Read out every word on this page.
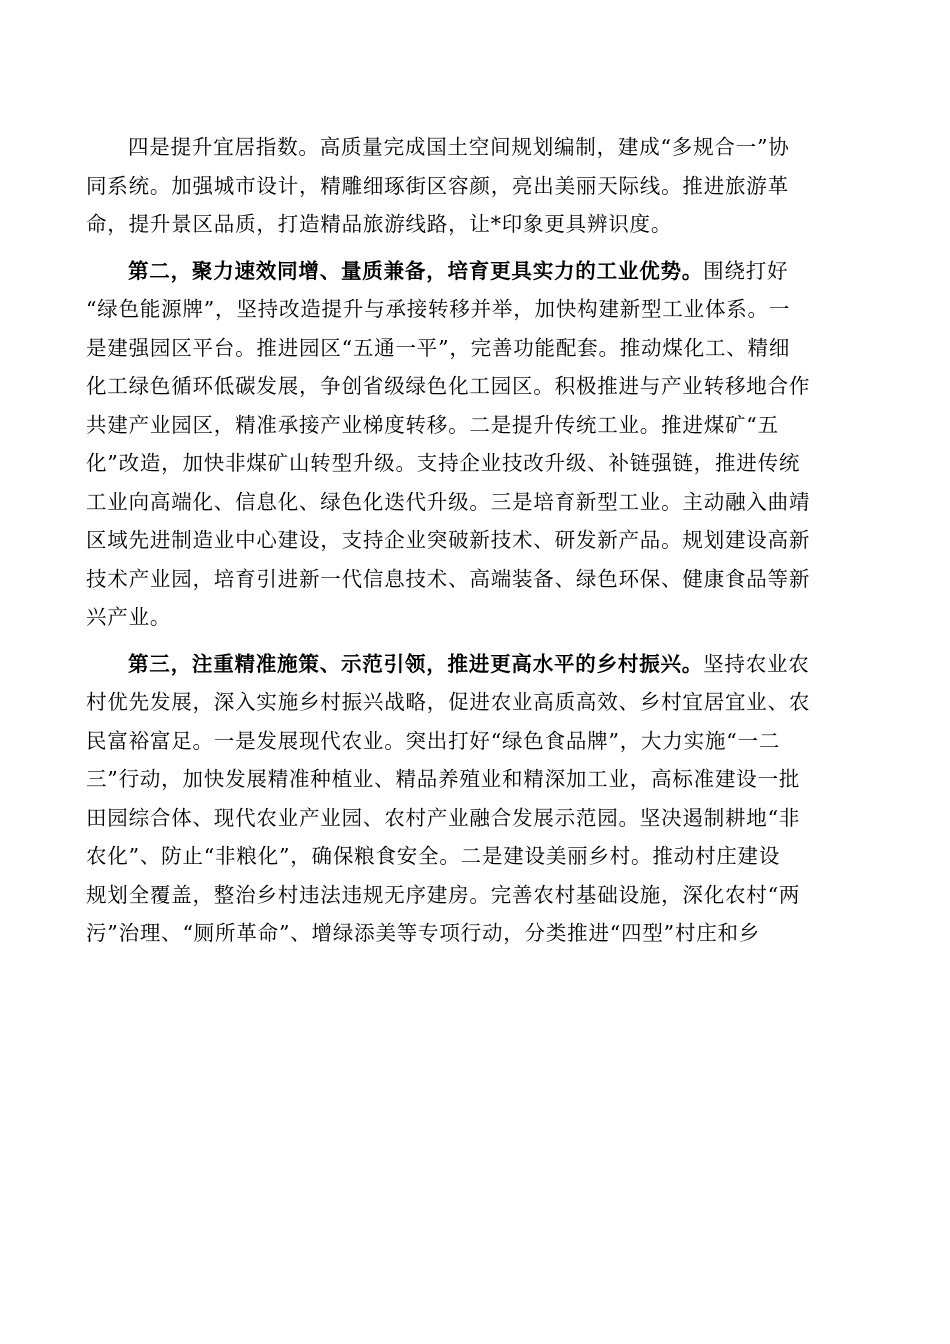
四是提升宜居指数。高质量完成国土空间规划编制，建成“多规合一”协
同系统。加强城市设计，精雕细琢街区容颜，亮出美丽天际线。推进旅游革
命，提升景区品质，打造精品旅游线路，让*印象更具辨识度。

第二，聚力速效同增、量质兼备，培育更具实力的工业优势。围绕打好
“绿色能源牌”，坚持改造提升与承接转移并举，加快构建新型工业体系。一
是建强园区平台。推进园区“五通一平”，完善功能配套。推动煤化工、精细
化工绿色循环低碳发展，争创省级绿色化工园区。积极推进与产业转移地合作
共建产业园区，精准承接产业梯度转移。二是提升传统工业。推进煤矿“五
化”改造，加快非煤矿山转型升级。支持企业技改升级、补链强链，推进传统
工业向高端化、信息化、绿色化迭代升级。三是培育新型工业。主动融入曲靖
区域先进制造业中心建设，支持企业突破新技术、研发新产品。规划建设高新
技术产业园，培育引进新一代信息技术、高端装备、绿色环保、健康食品等新
兴产业。

第三，注重精准施策、示范引领，推进更高水平的乡村振兴。坚持农业农
村优先发展，深入实施乡村振兴战略，促进农业高质高效、乡村宜居宜业、农
民富裕富足。一是发展现代农业。突出打好“绿色食品牌”，大力实施“一二
三”行动，加快发展精准种植业、精品养殖业和精深加工业，高标准建设一批
田园综合体、现代农业产业园、农村产业融合发展示范园。坚决遏制耕地“非
农化”、防止“非粮化”，确保粮食安全。二是建设美丽乡村。推动村庄建设
规划全覆盖，整治乡村违法违规无序建房。完善农村基础设施，深化农村“两
污”治理、“厕所革命”、增绿添美等专项行动，分类推进“四型”村庄和乡
